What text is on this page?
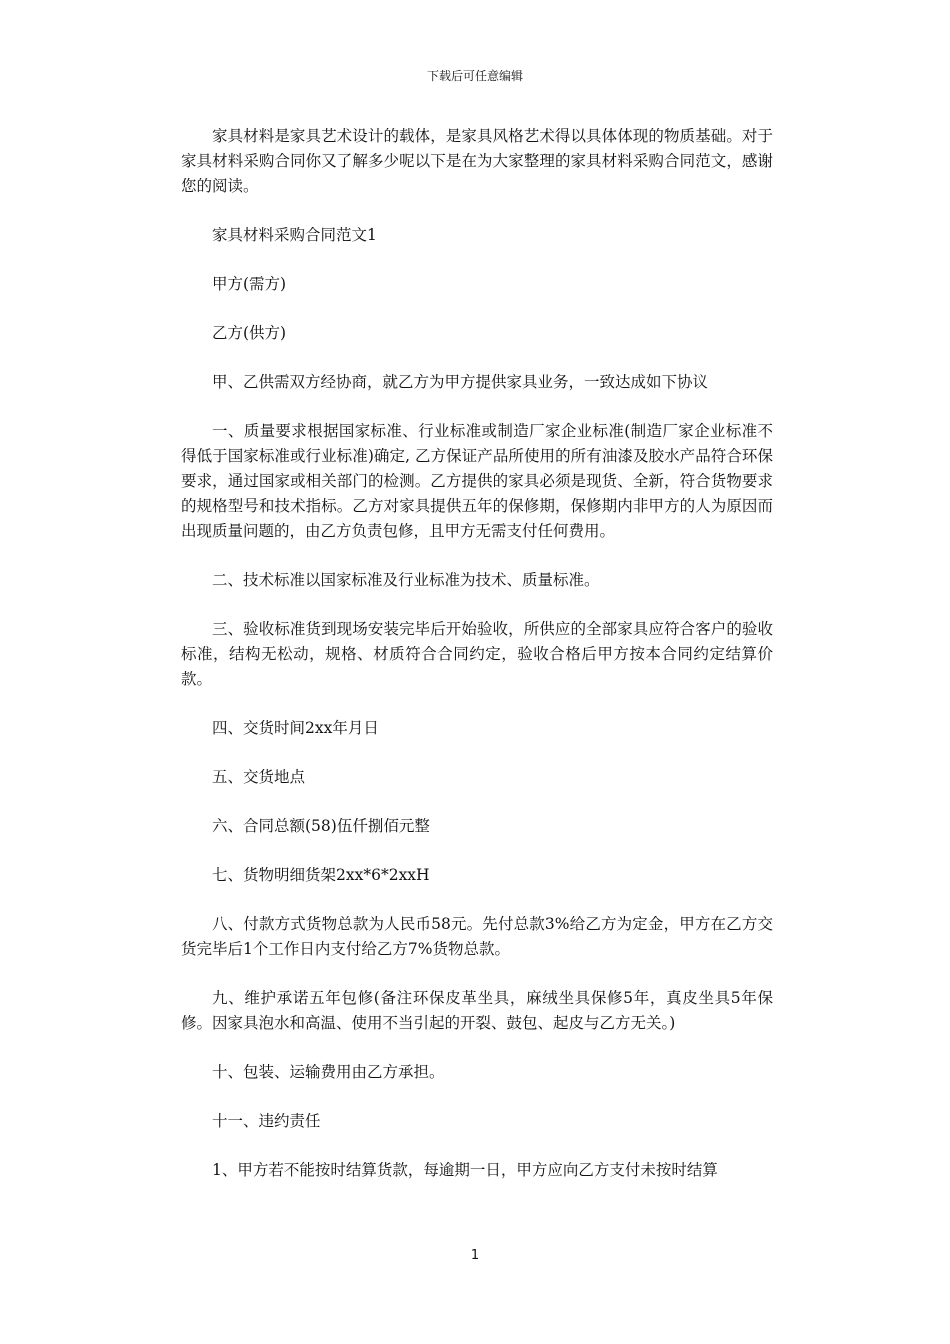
下载后可任意编辑

家具材料是家具艺术设计的载体，是家具风格艺术得以具体体现的物质基础。对于家具材料采购合同你又了解多少呢以下是在为大家整理的家具材料采购合同范文，感谢您的阅读。

家具材料采购合同范文1

甲方(需方)

乙方(供方)

甲、乙供需双方经协商，就乙方为甲方提供家具业务，一致达成如下协议

一、质量要求根据国家标准、行业标准或制造厂家企业标准(制造厂家企业标准不得低于国家标准或行业标准)确定, 乙方保证产品所使用的所有油漆及胶水产品符合环保要求，通过国家或相关部门的检测。乙方提供的家具必须是现货、全新，符合货物要求的规格型号和技术指标。乙方对家具提供五年的保修期，保修期内非甲方的人为原因而出现质量问题的，由乙方负责包修，且甲方无需支付任何费用。

二、技术标准以国家标准及行业标准为技术、质量标准。

三、验收标准货到现场安装完毕后开始验收，所供应的全部家具应符合客户的验收标准，结构无松动，规格、材质符合合同约定，验收合格后甲方按本合同约定结算价款。

四、交货时间2xx年月日

五、交货地点

六、合同总额(58)伍仟捌佰元整

七、货物明细货架2xx*6*2xxH

八、付款方式货物总款为人民币58元。先付总款3%给乙方为定金，甲方在乙方交货完毕后1个工作日内支付给乙方7%货物总款。

九、维护承诺五年包修(备注环保皮革坐具，麻绒坐具保修5年，真皮坐具5年保修。因家具泡水和高温、使用不当引起的开裂、鼓包、起皮与乙方无关。)

十、包装、运输费用由乙方承担。

十一、违约责任

1、甲方若不能按时结算货款，每逾期一日，甲方应向乙方支付未按时结算

1
